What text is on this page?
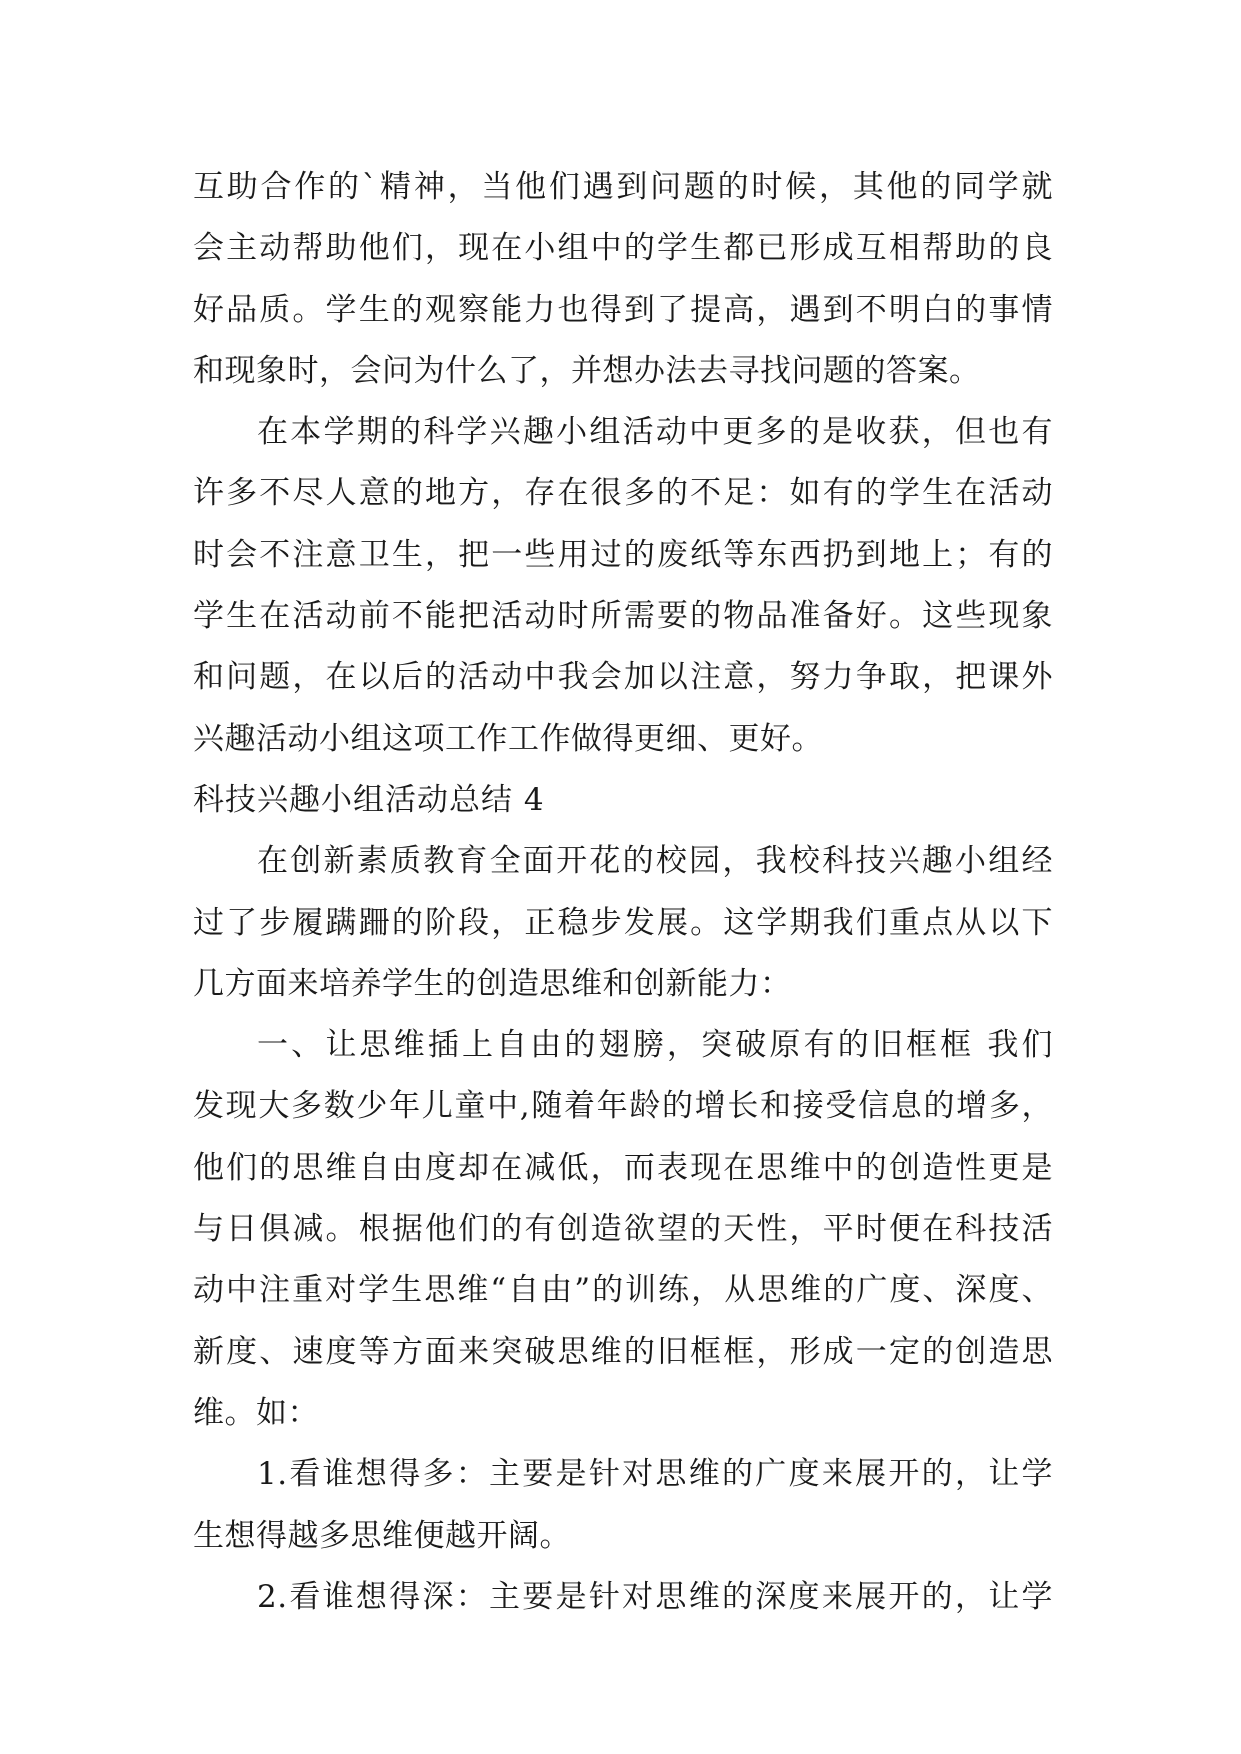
互助合作的`精神，当他们遇到问题的时候，其他的同学就
会主动帮助他们，现在小组中的学生都已形成互相帮助的良
好品质。学生的观察能力也得到了提高，遇到不明白的事情
和现象时，会问为什么了，并想办法去寻找问题的答案。
在本学期的科学兴趣小组活动中更多的是收获，但也有
许多不尽人意的地方，存在很多的不足：如有的学生在活动
时会不注意卫生，把一些用过的废纸等东西扔到地上；有的
学生在活动前不能把活动时所需要的物品准备好。这些现象
和问题，在以后的活动中我会加以注意，努力争取，把课外
兴趣活动小组这项工作工作做得更细、更好。
科技兴趣小组活动总结 4
在创新素质教育全面开花的校园，我校科技兴趣小组经
过了步履蹒跚的阶段，正稳步发展。这学期我们重点从以下
几方面来培养学生的创造思维和创新能力：
一、让思维插上自由的翅膀，突破原有的旧框框 我们
发现大多数少年儿童中,随着年龄的增长和接受信息的增多，
他们的思维自由度却在减低，而表现在思维中的创造性更是
与日俱减。根据他们的有创造欲望的天性，平时便在科技活
动中注重对学生思维“自由”的训练，从思维的广度、深度、
新度、速度等方面来突破思维的旧框框，形成一定的创造思
维。如：
1.看谁想得多：主要是针对思维的广度来展开的，让学
生想得越多思维便越开阔。
2.看谁想得深：主要是针对思维的深度来展开的，让学
